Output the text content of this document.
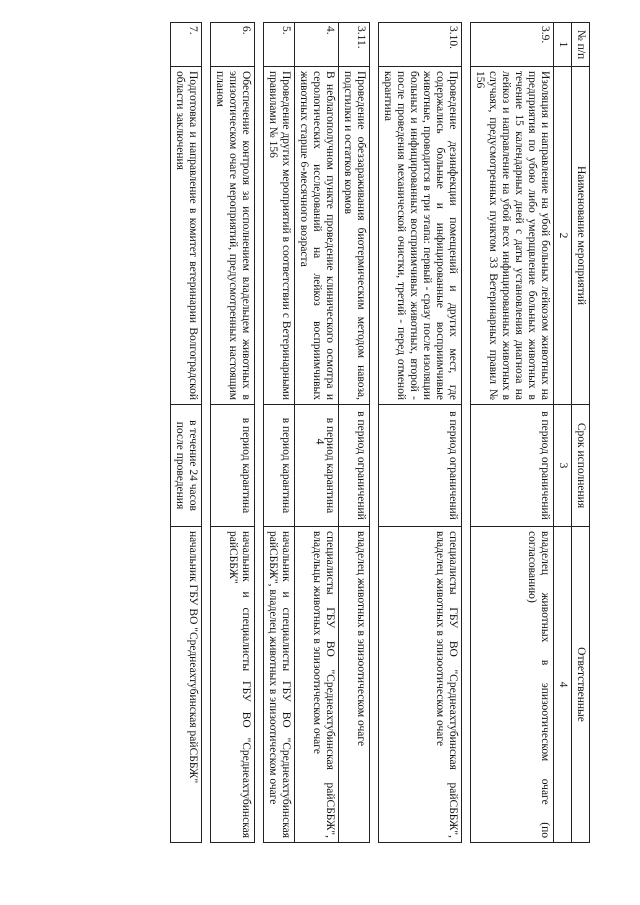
4
№ п/п	Наименование мероприятий	Срок исполнения	Ответственные
1	2	3	4
3.9.	Изоляция и направление на убой больных лейкозом животных на предприятия по убою либо умерщвление больных животных в течение 15 календарных дней с даты установления диагноза на лейкоз и направление на убой всех инфицированных животных в случаях, предусмотренных пунктом 33 Ветеринарных правил № 156	в период ограничений	владелец животных в эпизоотическом очаге (по согласованию)

3.10.	Проведение дезинфекции помещений и других мест, где содержались больные и инфицированные восприимчивые животные, проводится в три этапа: первый - сразу после изоляции больных и инфицированных восприимчивых животных, второй - после проведения механической очистки, третий - перед отменой карантина	в период ограничений	специалисты ГБУ ВО "Среднеахтубинская райСББЖ", владелец животных в эпизоотическом очаге

3.11.	Проведение обеззараживания биотермическим методом навоза, подстилки и остатков кормов	в период ограничений	владелец животных в эпизоотическом очаге
4.	В неблагополучном пункте проведение клинического осмотра и серологических исследований на лейкоз восприимчивых животных старше 6-месячного возраста	в период карантина	специалисты ГБУ ВО "Среднеахтубинская райСББЖ", владельцы животных в эпизоотическом очаге
5.	Проведение других мероприятий в соответствии с Ветеринарными правилами № 156	в период карантина	начальник и специалисты ГБУ ВО "Среднеахтубинская райСББЖ", владелец животных в эпизоотическом очаге

6.	Обеспечение контроля за исполнением владельцем животных в эпизоотическом очаге мероприятий, предусмотренных настоящим планом	в период карантина	начальник и специалисты ГБУ ВО "Среднеахтубинская райСББЖ"

7.	Подготовка и направление в комитет ветеринарии Волгоградской области заключения	в течение 24 часов после проведения	начальник ГБУ ВО "Среднеахтубинская райСББЖ"
